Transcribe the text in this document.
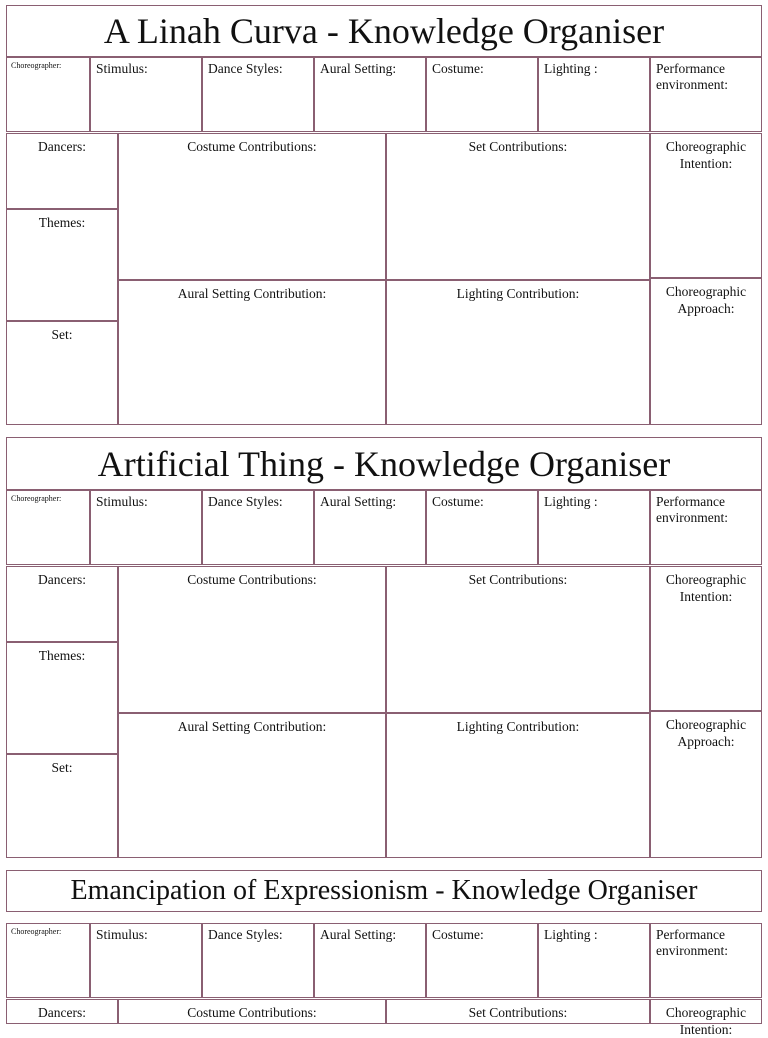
A Linah Curva - Knowledge Organiser
Choreographer:	Stimulus:	Dance Styles:	Aural Setting:	Costume:	Lighting :	Performance environment:
Dancers:
Themes:
Set:
Costume Contributions:	Set Contributions:
Aural Setting Contribution:	Lighting Contribution:
Choreographic Intention:
Choreographic Approach:
Artificial Thing - Knowledge Organiser
Choreographer:	Stimulus:	Dance Styles:	Aural Setting:	Costume:	Lighting :	Performance environment:
Dancers:
Themes:
Set:
Costume Contributions:	Set Contributions:
Aural Setting Contribution:	Lighting Contribution:
Choreographic Intention:
Choreographic Approach:
Emancipation of Expressionism - Knowledge Organiser
Choreographer:	Stimulus:	Dance Styles:	Aural Setting:	Costume:	Lighting :	Performance environment:
Dancers:	Costume Contributions:	Set Contributions:	Choreographic Intention:
